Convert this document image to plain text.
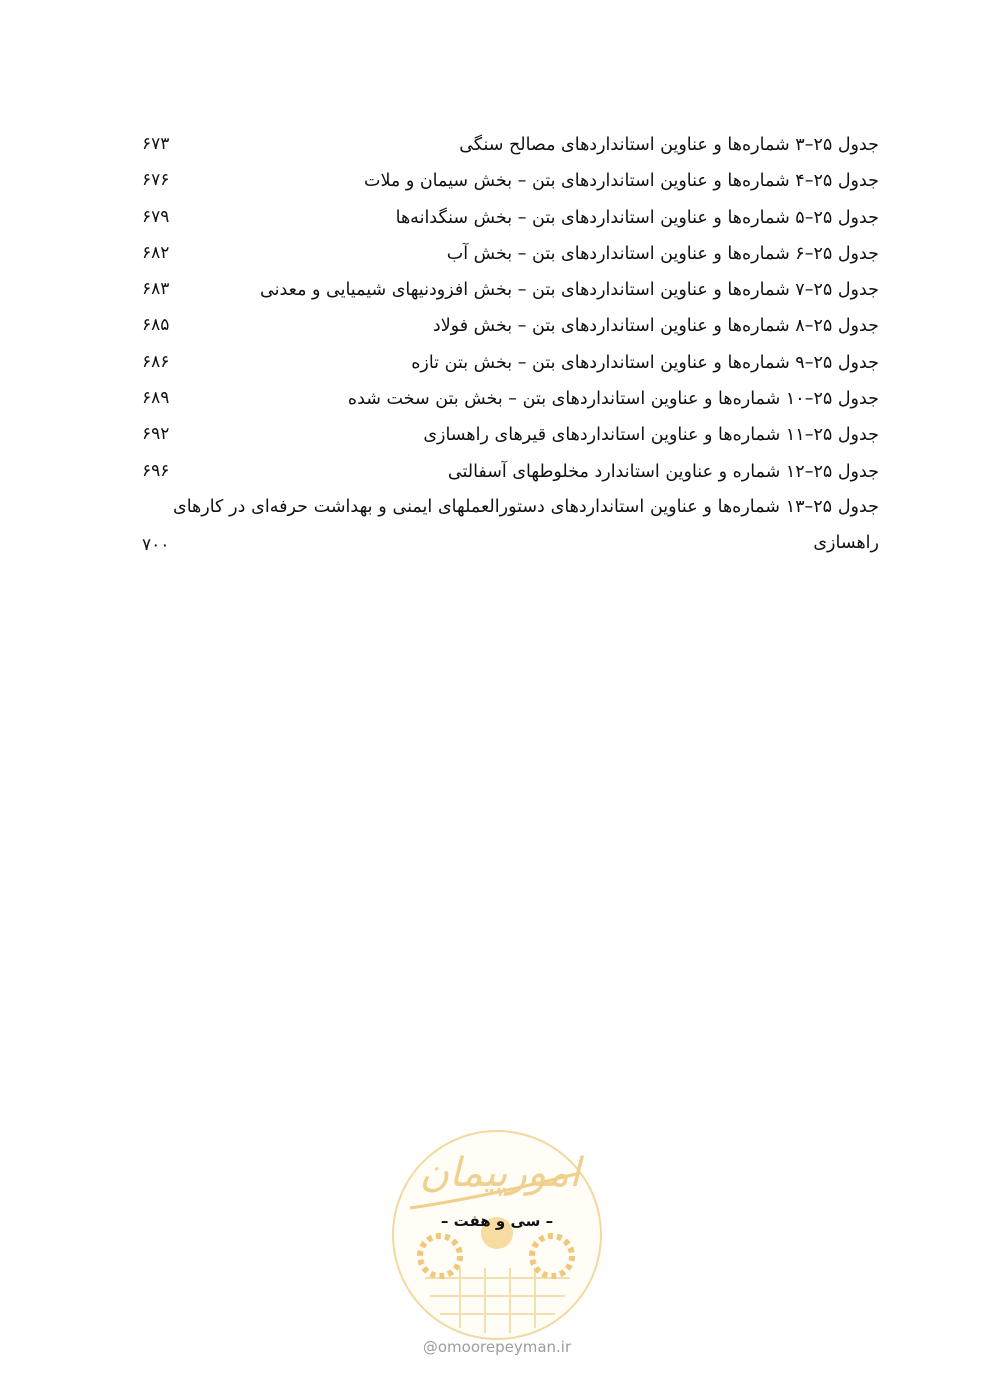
جدول ۲۵–۳ شماره‌ها و عناوین استانداردهای مصالح سنگی
۶۷۳
جدول ۲۵–۴ شماره‌ها و عناوین استانداردهای بتن – بخش سیمان و ملات
۶۷۶
جدول ۲۵–۵ شماره‌ها و عناوین استانداردهای بتن – بخش سنگدانه‌ها
۶۷۹
جدول ۲۵–۶ شماره‌ها و عناوین استانداردهای بتن – بخش آب
۶۸۲
جدول ۲۵–۷ شماره‌ها و عناوین استانداردهای بتن – بخش افزودنیهای شیمیایی و معدنی
۶۸۳
جدول ۲۵–۸ شماره‌ها و عناوین استانداردهای بتن – بخش فولاد
۶۸۵
جدول ۲۵–۹ شماره‌ها و عناوین استانداردهای بتن – بخش بتن تازه
۶۸۶
جدول ۲۵–۱۰ شماره‌ها و عناوین استانداردهای بتن – بخش بتن سخت شده
۶۸۹
جدول ۲۵–۱۱ شماره‌ها و عناوین استانداردهای قیرهای راهسازی
۶۹۲
جدول ۲۵–۱۲ شماره و عناوین استاندارد مخلوطهای آسفالتی
۶۹۶
جدول ۲۵–۱۳ شماره‌ها و عناوین استانداردهای دستورالعملهای ایمنی و بهداشت حرفه‌ای در کارهای راهسازی
۷۰۰
امورپیمان
– سی و هفت –
@omoorepeyman.ir
